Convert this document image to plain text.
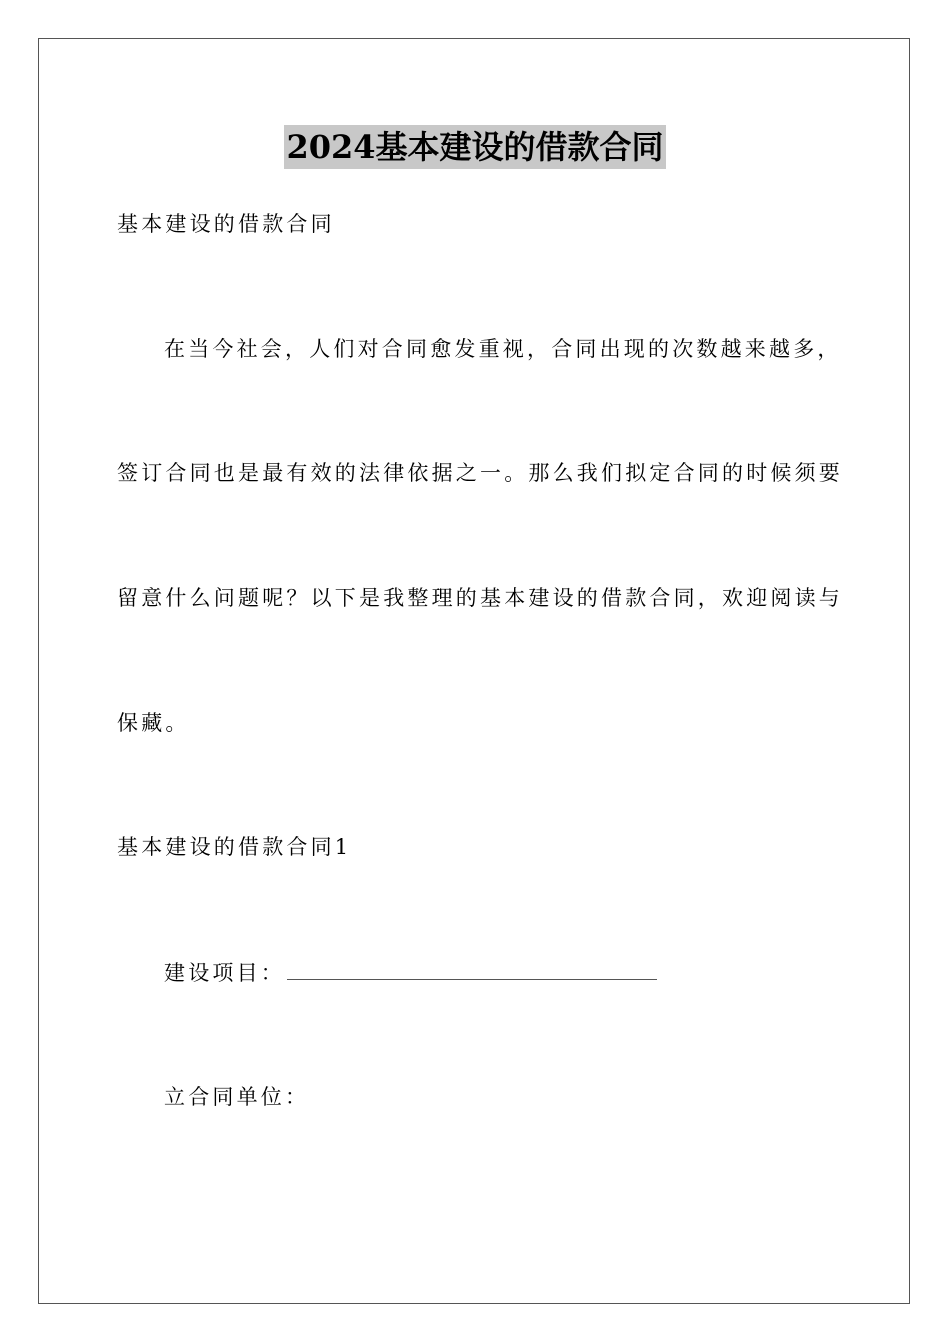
2024基本建设的借款合同
基本建设的借款合同
在当今社会，人们对合同愈发重视，合同出现的次数越来越多，
签订合同也是最有效的法律依据之一。那么我们拟定合同的时候须要
留意什么问题呢？以下是我整理的基本建设的借款合同，欢迎阅读与
保藏。
基本建设的借款合同1
建设项目：
立合同单位：
